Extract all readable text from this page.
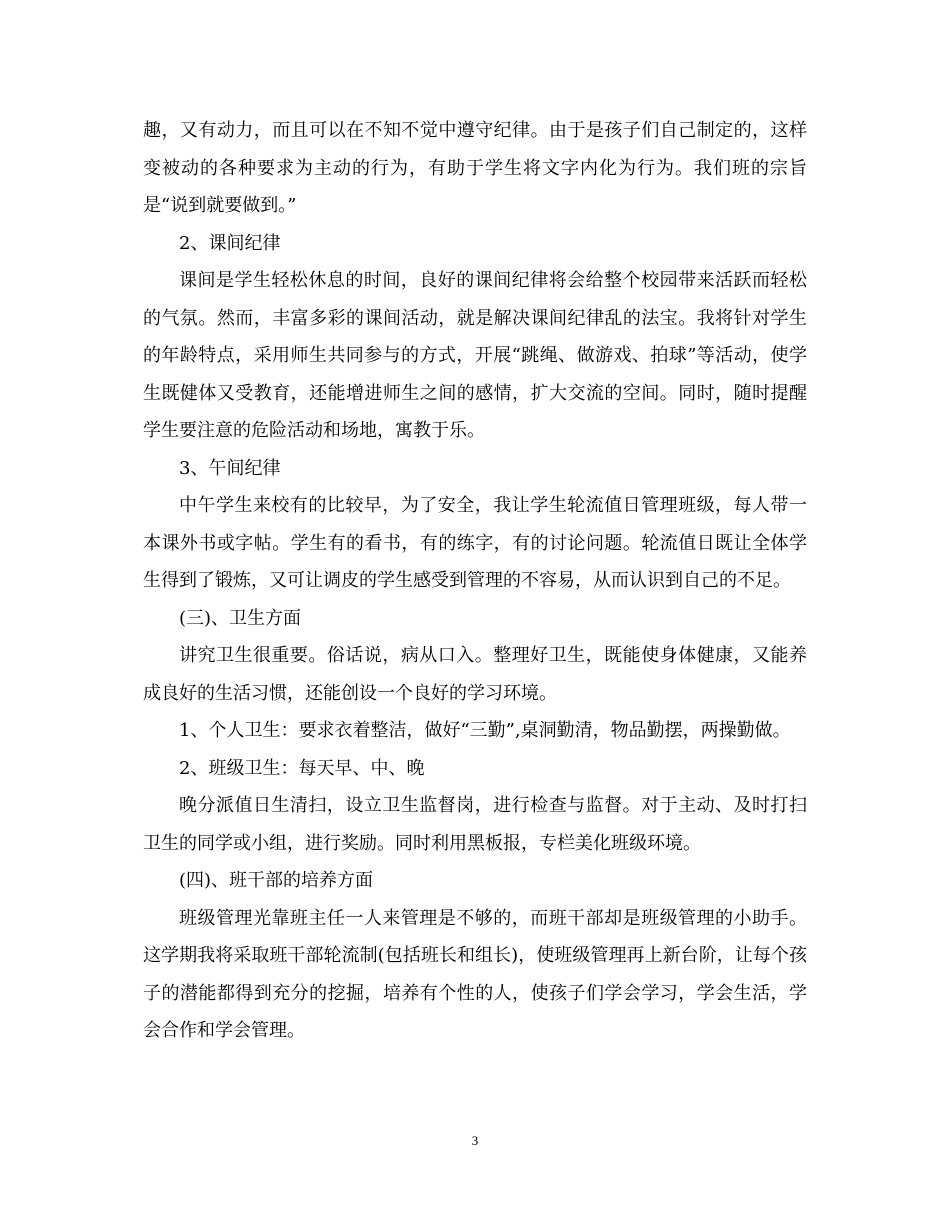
趣，又有动力，而且可以在不知不觉中遵守纪律。由于是孩子们自己制定的，这样变被动的各种要求为主动的行为，有助于学生将文字内化为行为。我们班的宗旨是“说到就要做到。”

2、课间纪律

课间是学生轻松休息的时间，良好的课间纪律将会给整个校园带来活跃而轻松的气氛。然而，丰富多彩的课间活动，就是解决课间纪律乱的法宝。我将针对学生的年龄特点，采用师生共同参与的方式，开展“跳绳、做游戏、拍球”等活动，使学生既健体又受教育，还能增进师生之间的感情，扩大交流的空间。同时，随时提醒学生要注意的危险活动和场地，寓教于乐。

3、午间纪律

中午学生来校有的比较早，为了安全，我让学生轮流值日管理班级，每人带一本课外书或字帖。学生有的看书，有的练字，有的讨论问题。轮流值日既让全体学生得到了锻炼，又可让调皮的学生感受到管理的不容易，从而认识到自己的不足。

(三)、卫生方面

讲究卫生很重要。俗话说，病从口入。整理好卫生，既能使身体健康，又能养成良好的生活习惯，还能创设一个良好的学习环境。

1、个人卫生：要求衣着整洁，做好“三勤”,桌洞勤清，物品勤摆，两操勤做。

2、班级卫生：每天早、中、晚

晚分派值日生清扫，设立卫生监督岗，进行检查与监督。对于主动、及时打扫卫生的同学或小组，进行奖励。同时利用黑板报，专栏美化班级环境。

(四)、班干部的培养方面

班级管理光靠班主任一人来管理是不够的，而班干部却是班级管理的小助手。这学期我将采取班干部轮流制(包括班长和组长)，使班级管理再上新台阶，让每个孩子的潜能都得到充分的挖掘，培养有个性的人，使孩子们学会学习，学会生活，学会合作和学会管理。

3
